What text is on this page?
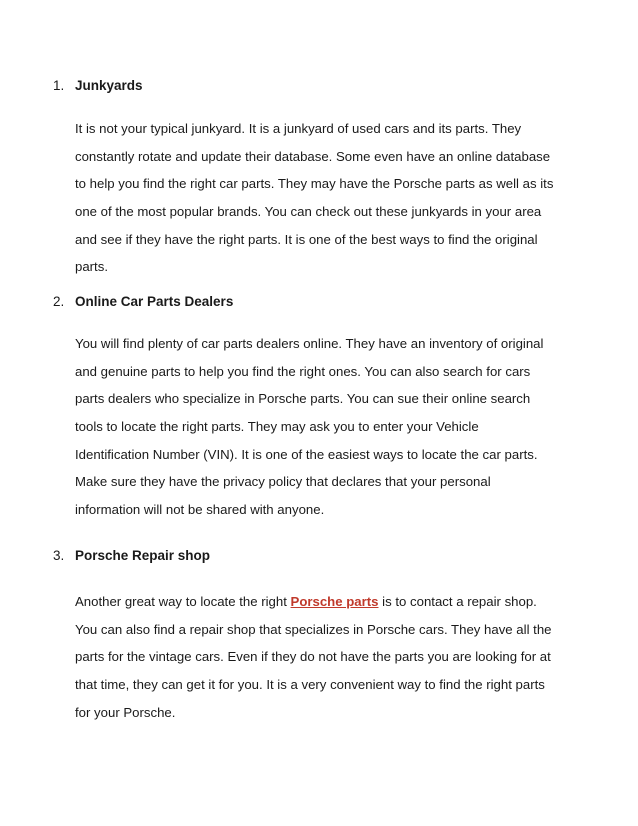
1. Junkyards
It is not your typical junkyard. It is a junkyard of used cars and its parts. They
constantly rotate and update their database. Some even have an online database
to help you find the right car parts. They may have the Porsche parts as well as its
one of the most popular brands. You can check out these junkyards in your area
and see if they have the right parts. It is one of the best ways to find the original
parts.
2. Online Car Parts Dealers
You will find plenty of car parts dealers online. They have an inventory of original
and genuine parts to help you find the right ones. You can also search for cars
parts dealers who specialize in Porsche parts. You can sue their online search
tools to locate the right parts. They may ask you to enter your Vehicle
Identification Number (VIN). It is one of the easiest ways to locate the car parts.
Make sure they have the privacy policy that declares that your personal
information will not be shared with anyone.
3. Porsche Repair shop
Another great way to locate the right Porsche parts is to contact a repair shop.
You can also find a repair shop that specializes in Porsche cars. They have all the
parts for the vintage cars. Even if they do not have the parts you are looking for at
that time, they can get it for you. It is a very convenient way to find the right parts
for your Porsche.
